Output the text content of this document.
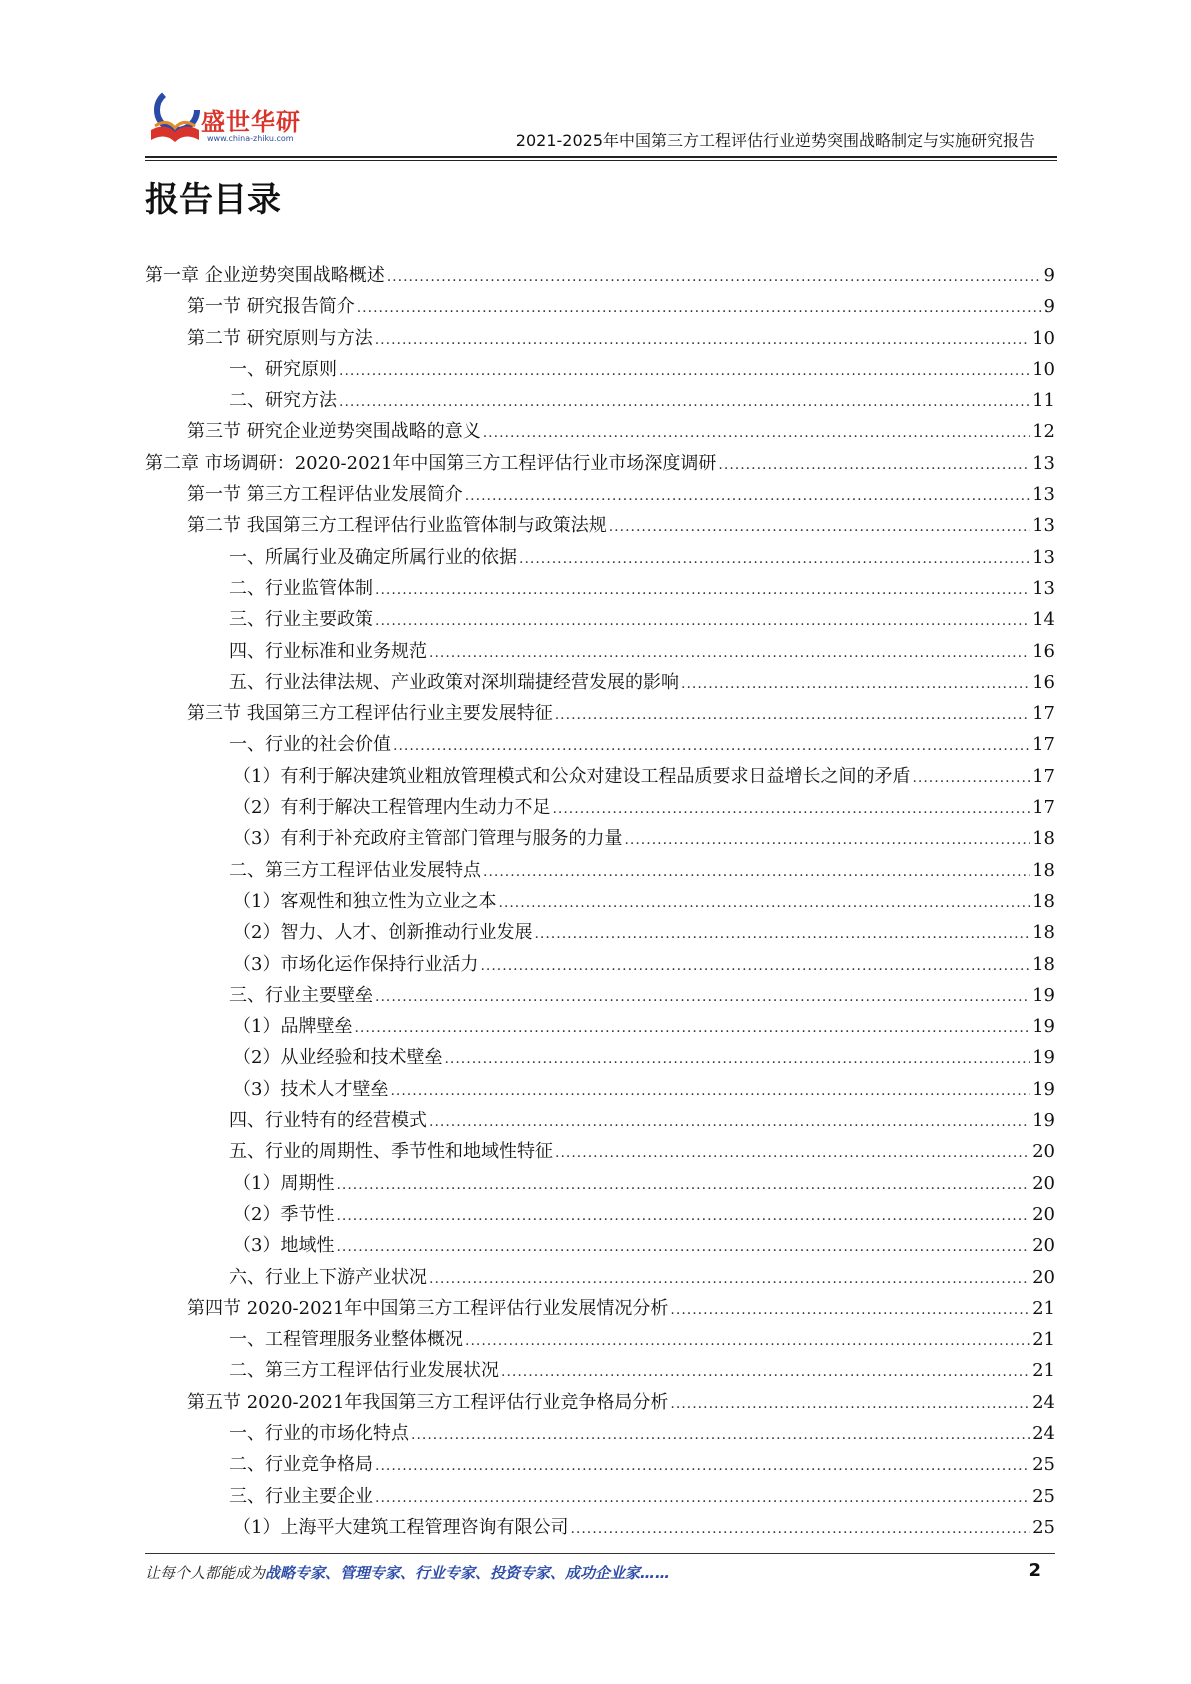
盛世华研
www.china-zhiku.com	2021-2025年中国第三方工程评估行业逆势突围战略制定与实施研究报告
报告目录
第一章 企业逆势突围战略概述 .....	9
第一节 研究报告简介 .....	9
第二节 研究原则与方法 .....	10
一、研究原则 .....	10
二、研究方法 .....	11
第三节 研究企业逆势突围战略的意义 .....	12
第二章 市场调研：2020-2021年中国第三方工程评估行业市场深度调研 .....	13
第一节 第三方工程评估业发展简介 .....	13
第二节 我国第三方工程评估行业监管体制与政策法规 .....	13
一、所属行业及确定所属行业的依据 .....	13
二、行业监管体制 .....	13
三、行业主要政策 .....	14
四、行业标准和业务规范 .....	16
五、行业法律法规、产业政策对深圳瑞捷经营发展的影响 .....	16
第三节 我国第三方工程评估行业主要发展特征 .....	17
一、行业的社会价值 .....	17
（1）有利于解决建筑业粗放管理模式和公众对建设工程品质要求日益增长之间的矛盾 .....	17
（2）有利于解决工程管理内生动力不足 .....	17
（3）有利于补充政府主管部门管理与服务的力量 .....	18
二、第三方工程评估业发展特点 .....	18
（1）客观性和独立性为立业之本 .....	18
（2）智力、人才、创新推动行业发展 .....	18
（3）市场化运作保持行业活力 .....	18
三、行业主要壁垒 .....	19
（1）品牌壁垒 .....	19
（2）从业经验和技术壁垒 .....	19
（3）技术人才壁垒 .....	19
四、行业特有的经营模式 .....	19
五、行业的周期性、季节性和地域性特征 .....	20
（1）周期性 .....	20
（2）季节性 .....	20
（3）地域性 .....	20
六、行业上下游产业状况 .....	20
第四节 2020-2021年中国第三方工程评估行业发展情况分析 .....	21
一、工程管理服务业整体概况 .....	21
二、第三方工程评估行业发展状况 .....	21
第五节 2020-2021年我国第三方工程评估行业竞争格局分析 .....	24
一、行业的市场化特点 .....	24
二、行业竞争格局 .....	25
三、行业主要企业 .....	25
（1）上海平大建筑工程管理咨询有限公司 .....	25
让每个人都能成为战略专家、管理专家、行业专家、投资专家、成功企业家……	2
